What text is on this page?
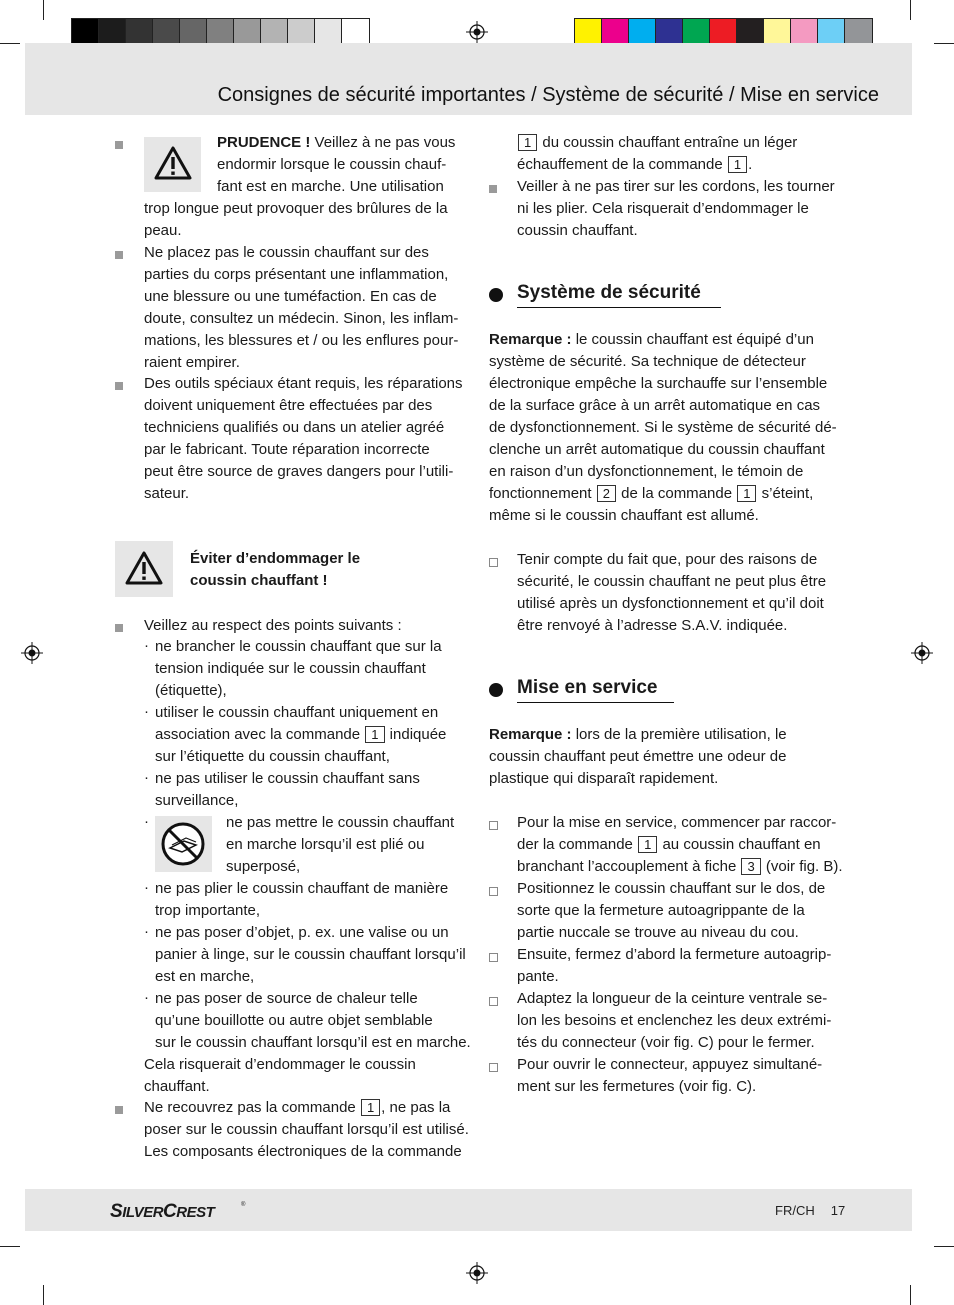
Consignes de sécurité importantes / Système de sécurité / Mise en service
PRUDENCE ! Veillez à ne pas vous
endormir lorsque le coussin chauf-
fant est en marche. Une utilisation
trop longue peut provoquer des brûlures de la
peau.
Ne placez pas le coussin chauffant sur des
parties du corps présentant une inflammation,
une blessure ou une tuméfaction. En cas de
doute, consultez un médecin. Sinon, les inflam-
mations, les blessures et / ou les enflures pour-
raient empirer.
Des outils spéciaux étant requis, les réparations
doivent uniquement être effectuées par des
techniciens qualifiés ou dans un atelier agréé
par le fabricant. Toute réparation incorrecte
peut être source de graves dangers pour l’utili-
sateur.
Éviter d’endommager le
coussin chauffant !
Veillez au respect des points suivants :
· ne brancher le coussin chauffant que sur la
tension indiquée sur le coussin chauffant
(étiquette),
· utiliser le coussin chauffant uniquement en
association avec la commande 1 indiquée
sur l’étiquette du coussin chauffant,
· ne pas utiliser le coussin chauffant sans
surveillance,
·	ne pas mettre le coussin chauffant
en marche lorsqu’il est plié ou
superposé,
· ne pas plier le coussin chauffant de manière
trop importante,
· ne pas poser d’objet, p. ex. une valise ou un
panier à linge, sur le coussin chauffant lorsqu’il
est en marche,
· ne pas poser de source de chaleur telle
qu’une bouillotte ou autre objet semblable
sur le coussin chauffant lorsqu’il est en marche.
Cela risquerait d’endommager le coussin
chauffant.
Ne recouvrez pas la commande 1 , ne pas la
poser sur le coussin chauffant lorsqu’il est utilisé.
Les composants électroniques de la commande
1 du coussin chauffant entraîne un léger
échauffement de la commande 1 .
Veiller à ne pas tirer sur les cordons, les tourner
ni les plier. Cela risquerait d’endommager le
coussin chauffant.
Système de sécurité
Remarque : le coussin chauffant est équipé d’un
système de sécurité. Sa technique de détecteur
électronique empêche la surchauffe sur l’ensemble
de la surface grâce à un arrêt automatique en cas
de dysfonctionnement. Si le système de sécurité dé-
clenche un arrêt automatique du coussin chauffant
en raison d’un dysfonctionnement, le témoin de
fonctionnement 2 de la commande 1 s’éteint,
même si le coussin chauffant est allumé.
Tenir compte du fait que, pour des raisons de
sécurité, le coussin chauffant ne peut plus être
utilisé après un dysfonctionnement et qu’il doit
être renvoyé à l’adresse S.A.V. indiquée.
Mise en service
Remarque : lors de la première utilisation, le
coussin chauffant peut émettre une odeur de
plastique qui disparaît rapidement.
Pour la mise en service, commencer par raccor-
der la commande 1 au coussin chauffant en
branchant l’accouplement à fiche 3 (voir fig. B).
Positionnez le coussin chauffant sur le dos, de
sorte que la fermeture autoagrippante de la
partie nuccale se trouve au niveau du cou.
Ensuite, fermez d’abord la fermeture autoagrip-
pante.
Adaptez la longueur de la ceinture ventrale se-
lon les besoins et enclenchez les deux extrémi-
tés du connecteur (voir fig. C) pour le fermer.
Pour ouvrir le connecteur, appuyez simultané-
ment sur les fermetures (voir fig. C).
SILVERCREST	®	FR/CH 17
